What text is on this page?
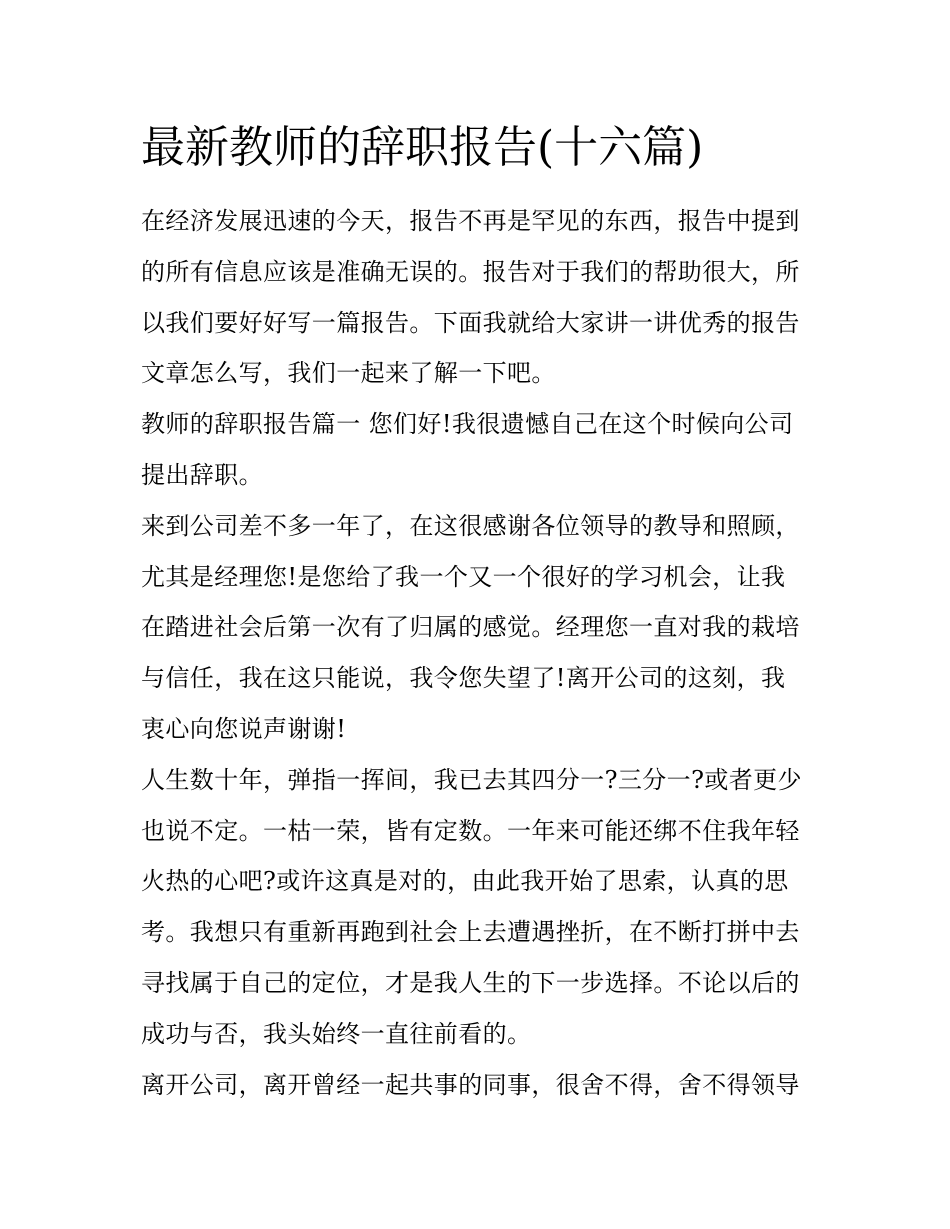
最新教师的辞职报告(十六篇)
在经济发展迅速的今天，报告不再是罕见的东西，报告中提到
的所有信息应该是准确无误的。报告对于我们的帮助很大，所
以我们要好好写一篇报告。下面我就给大家讲一讲优秀的报告
文章怎么写，我们一起来了解一下吧。
教师的辞职报告篇一 您们好!我很遗憾自己在这个时候向公司
提出辞职。
来到公司差不多一年了，在这很感谢各位领导的教导和照顾，
尤其是经理您!是您给了我一个又一个很好的学习机会，让我
在踏进社会后第一次有了归属的感觉。经理您一直对我的栽培
与信任，我在这只能说，我令您失望了!离开公司的这刻，我
衷心向您说声谢谢!
人生数十年，弹指一挥间，我已去其四分一?三分一?或者更少
也说不定。一枯一荣，皆有定数。一年来可能还绑不住我年轻
火热的心吧?或许这真是对的，由此我开始了思索，认真的思
考。我想只有重新再跑到社会上去遭遇挫折，在不断打拼中去
寻找属于自己的定位，才是我人生的下一步选择。不论以后的
成功与否，我头始终一直往前看的。
离开公司，离开曾经一起共事的同事，很舍不得，舍不得领导
